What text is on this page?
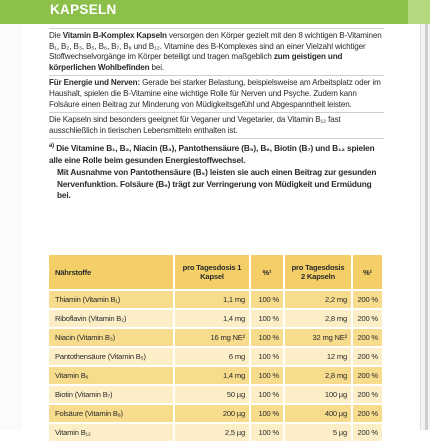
KAPSELN

Die Vitamin B-Komplex Kapseln versorgen den Körper gezielt mit den 8 wichtigen B-Vitaminen B₁, B₂, B₃, B₅, B₆, B₇, B₉ und B₁₂. Vitamine des B-Komplexes sind an einer Vielzahl wichtiger Stoffwechselvorgänge im Körper beteiligt und tragen maßgeblich zum geistigen und körperlichen Wohlbefinden bei.

Für Energie und Nerven: Gerade bei starker Belastung, beispielsweise am Arbeitsplatz oder im Haushalt, spielen die B-Vitamine eine wichtige Rolle für Nerven und Psyche. Zudem kann Folsäure einen Beitrag zur Minderung von Müdigkeitsgefühl und Abgespanntheit leisten.

Die Kapseln sind besonders geeignet für Veganer und Vegetarier, da Vitamin B₁₂ fast ausschließlich in tierischen Lebensmitteln enthalten ist.

$^{a)}$ Die Vitamine B₁, B₂, Niacin (B₃), Pantothensäure (B₅), B₆, Biotin (B₇) und B₁₂ spielen alle eine Rolle beim gesunden Energiestoffwechsel.

Mit Ausnahme von Pantothensäure (B₅) leisten sie auch einen Beitrag zur gesunden Nervenfunktion. Folsäure (B₉) trägt zur Verringerung von Müdigkeit und Ermüdung bei.

Nährstoffe	pro Tagesdosis 1 Kapsel	%¹	pro Tagesdosis 2 Kapseln	%¹
Thiamin (Vitamin B₁)	1,1 mg	100 %	2,2 mg	200 %
Riboflavin (Vitamin B₂)	1,4 mg	100 %	2,8 mg	200 %
Niacin (Vitamin B₃)	16 mg NE²	100 %	32 mg NE²	200 %
Pantothensäure (Vitamin B₅)	6 mg	100 %	12 mg	200 %
Vitamin B₆	1,4 mg	100 %	2,8 mg	200 %
Biotin (Vitamin B₇)	50 µg	100 %	100 µg	200 %
Folsäure (Vitamin B₉)	200 µg	100 %	400 µg	200 %
Vitamin B₁₂	2,5 µg	100 %	5 µg	200 %
